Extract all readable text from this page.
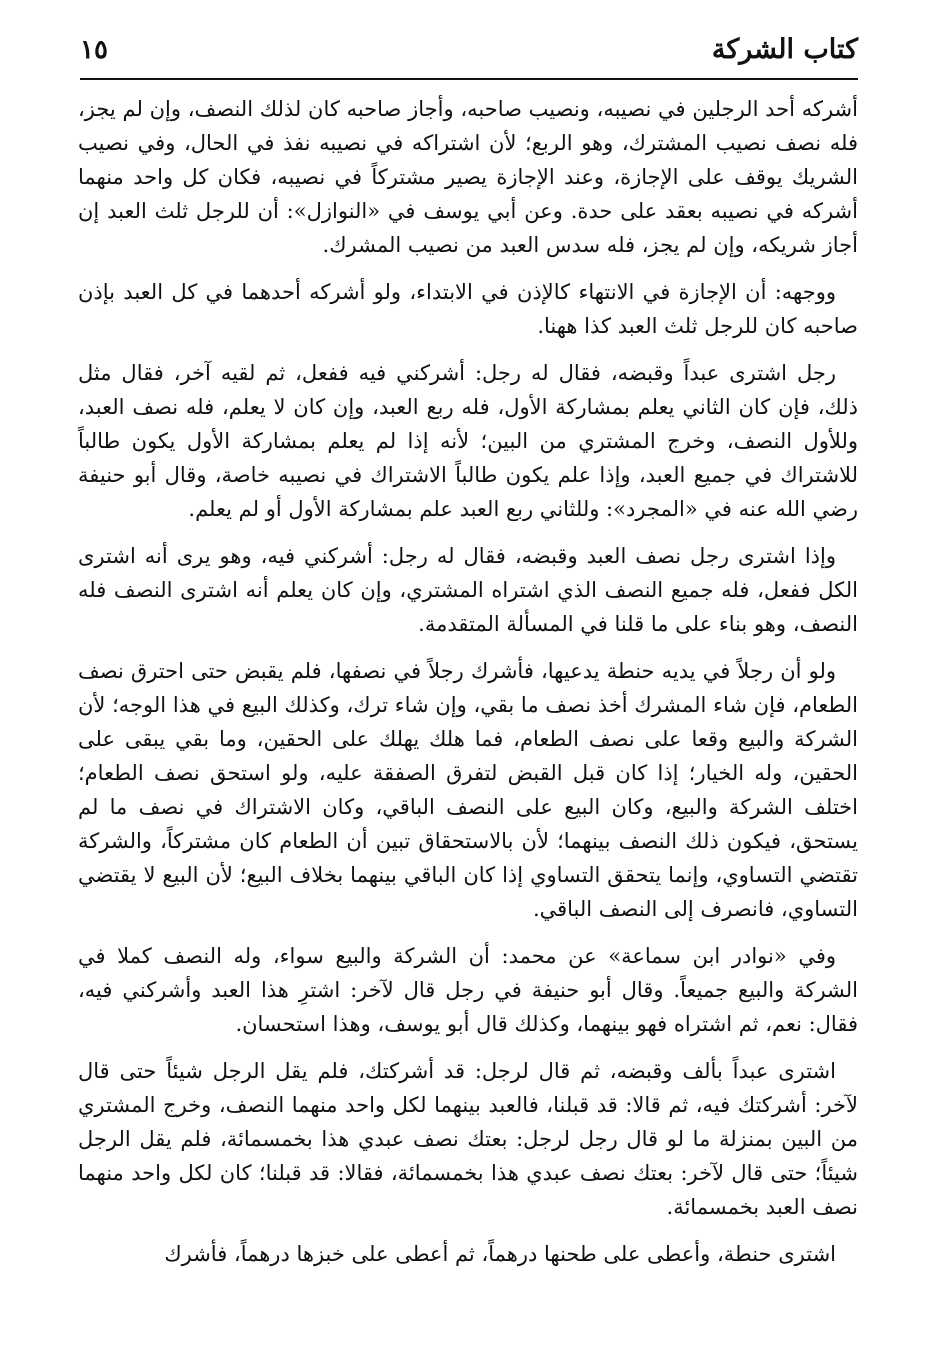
كتاب الشركة
١٥

أشركه أحد الرجلين في نصيبه، ونصيب صاحبه، وأجاز صاحبه كان لذلك النصف، وإن لم يجز، فله نصف نصيب المشترك، وهو الربع؛ لأن اشتراكه في نصيبه نفذ في الحال، وفي نصيب الشريك يوقف على الإجازة، وعند الإجازة يصير مشتركاً في نصيبه، فكان كل واحد منهما أشركه في نصيبه بعقد على حدة. وعن أبي يوسف في «النوازل»: أن للرجل ثلث العبد إن أجاز شريكه، وإن لم يجز، فله سدس العبد من نصيب المشرك.

ووجهه: أن الإجازة في الانتهاء كالإذن في الابتداء، ولو أشركه أحدهما في كل العبد بإذن صاحبه كان للرجل ثلث العبد كذا ههنا.

رجل اشترى عبداً وقبضه، فقال له رجل: أشركني فيه ففعل، ثم لقيه آخر، فقال مثل ذلك، فإن كان الثاني يعلم بمشاركة الأول، فله ربع العبد، وإن كان لا يعلم، فله نصف العبد، وللأول النصف، وخرج المشتري من البين؛ لأنه إذا لم يعلم بمشاركة الأول يكون طالباً للاشتراك في جميع العبد، وإذا علم يكون طالباً الاشتراك في نصيبه خاصة، وقال أبو حنيفة رضي الله عنه في «المجرد»: وللثاني ربع العبد علم بمشاركة الأول أو لم يعلم.

وإذا اشترى رجل نصف العبد وقبضه، فقال له رجل: أشركني فيه، وهو يرى أنه اشترى الكل ففعل، فله جميع النصف الذي اشتراه المشتري، وإن كان يعلم أنه اشترى النصف فله النصف، وهو بناء على ما قلنا في المسألة المتقدمة.

ولو أن رجلاً في يديه حنطة يدعيها، فأشرك رجلاً في نصفها، فلم يقبض حتى احترق نصف الطعام، فإن شاء المشرك أخذ نصف ما بقي، وإن شاء ترك، وكذلك البيع في هذا الوجه؛ لأن الشركة والبيع وقعا على نصف الطعام، فما هلك يهلك على الحقين، وما بقي يبقى على الحقين، وله الخيار؛ إذا كان قبل القبض لتفرق الصفقة عليه، ولو استحق نصف الطعام؛ اختلف الشركة والبيع، وكان البيع على النصف الباقي، وكان الاشتراك في نصف ما لم يستحق، فيكون ذلك النصف بينهما؛ لأن بالاستحقاق تبين أن الطعام كان مشتركاً، والشركة تقتضي التساوي، وإنما يتحقق التساوي إذا كان الباقي بينهما بخلاف البيع؛ لأن البيع لا يقتضي التساوي، فانصرف إلى النصف الباقي.

وفي «نوادر ابن سماعة» عن محمد: أن الشركة والبيع سواء، وله النصف كملا في الشركة والبيع جميعاً. وقال أبو حنيفة في رجل قال لآخر: اشترِ هذا العبد وأشركني فيه، فقال: نعم، ثم اشتراه فهو بينهما، وكذلك قال أبو يوسف، وهذا استحسان.

اشترى عبداً بألف وقبضه، ثم قال لرجل: قد أشركتك، فلم يقل الرجل شيئاً حتى قال لآخر: أشركتك فيه، ثم قالا: قد قبلنا، فالعبد بينهما لكل واحد منهما النصف، وخرج المشتري من البين بمنزلة ما لو قال رجل لرجل: بعتك نصف عبدي هذا بخمسمائة، فلم يقل الرجل شيئاً؛ حتى قال لآخر: بعتك نصف عبدي هذا بخمسمائة، فقالا: قد قبلنا؛ كان لكل واحد منهما نصف العبد بخمسمائة.

اشترى حنطة، وأعطى على طحنها درهماً، ثم أعطى على خبزها درهماً، فأشرك
